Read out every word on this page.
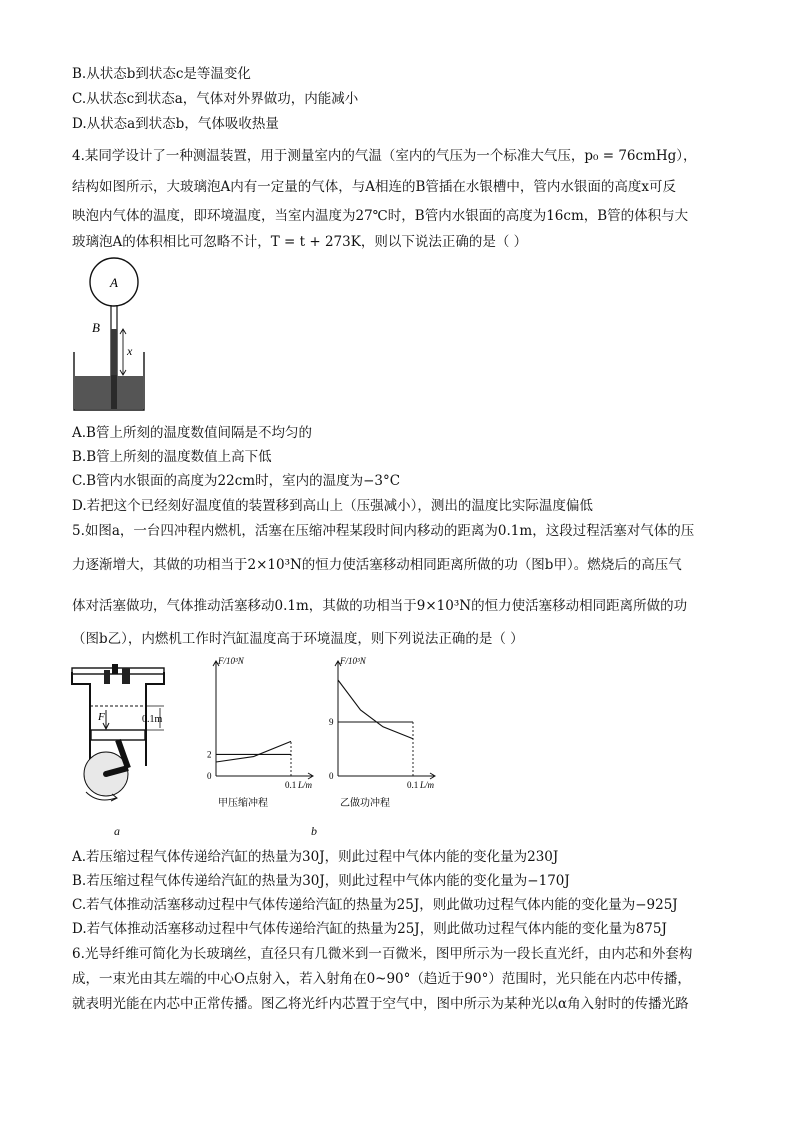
B.从状态b到状态c是等温变化
C.从状态c到状态a，气体对外界做功，内能减小
D.从状态a到状态b，气体吸收热量
4.某同学设计了一种测温装置，用于测量室内的气温（室内的气压为一个标准大气压，p₀ = 76cmHg），
结构如图所示，大玻璃泡A内有一定量的气体，与A相连的B管插在水银槽中，管内水银面的高度x可反
映泡内气体的温度，即环境温度，当室内温度为27℃时，B管内水银面的高度为16cm，B管的体积与大
玻璃泡A的体积相比可忽略不计，T = t + 273K，则以下说法正确的是（ ）
A
B
x
A.B管上所刻的温度数值间隔是不均匀的
B.B管上所刻的温度数值上高下低
C.B管内水银面的高度为22cm时，室内的温度为−3°C
D.若把这个已经刻好温度值的装置移到高山上（压强减小），测出的温度比实际温度偏低
5.如图a，一台四冲程内燃机，活塞在压缩冲程某段时间内移动的距离为0.1m，这段过程活塞对气体的压
力逐渐增大，其做的功相当于2×10³N的恒力使活塞移动相同距离所做的功（图b甲）。燃烧后的高压气
体对活塞做功，气体推动活塞移动0.1m，其做的功相当于9×10³N的恒力使活塞移动相同距离所做的功
（图b乙），内燃机工作时汽缸温度高于环境温度，则下列说法正确的是（ ）
F	0.1m
a
F/10³N
L/m
0
0.1
2
甲压缩冲程
F/10³N
L/m
0
0.1
9
乙做功冲程
b
A.若压缩过程气体传递给汽缸的热量为30J，则此过程中气体内能的变化量为230J
B.若压缩过程气体传递给汽缸的热量为30J，则此过程中气体内能的变化量为−170J
C.若气体推动活塞移动过程中气体传递给汽缸的热量为25J，则此做功过程气体内能的变化量为−925J
D.若气体推动活塞移动过程中气体传递给汽缸的热量为25J，则此做功过程气体内能的变化量为875J
6.光导纤维可简化为长玻璃丝，直径只有几微米到一百微米，图甲所示为一段长直光纤，由内芯和外套构
成，一束光由其左端的中心O点射入，若入射角在0~90°（趋近于90°）范围时，光只能在内芯中传播，
就表明光能在内芯中正常传播。图乙将光纤内芯置于空气中，图中所示为某种光以α角入射时的传播光路
